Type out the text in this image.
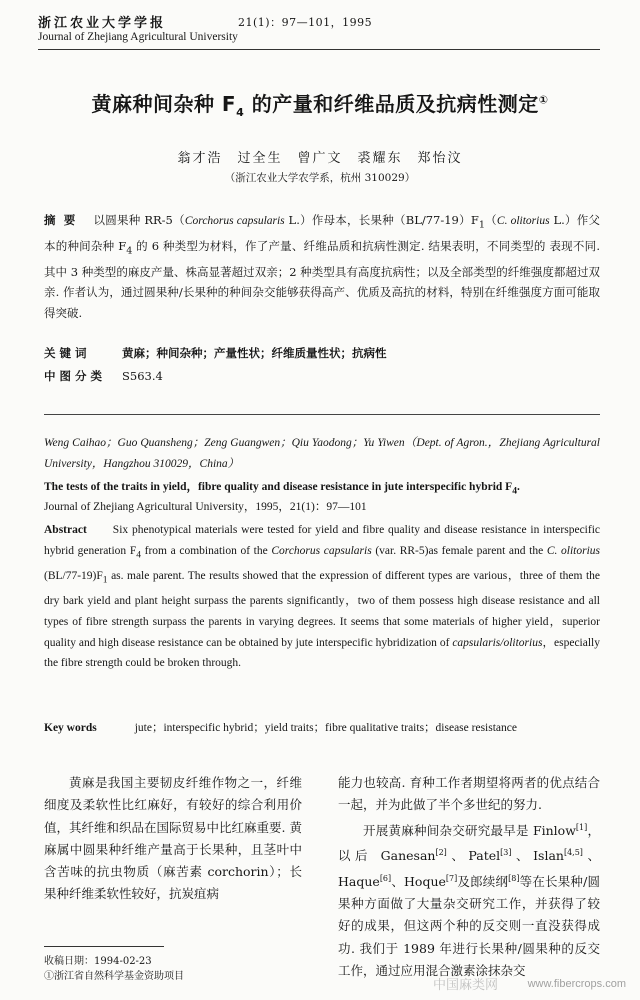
浙江农业大学学报	21(1)：97—101，1995
Journal of Zhejiang Agricultural University
黄麻种间杂种 $F_4$ 的产量和纤维品质及抗病性测定①
翁才浩　过全生　曾广文　裘耀东　郑怡汶
（浙江农业大学农学系，杭州 310029）
摘要 以圆果种 RR-5（Corchorus capsularis L.）作母本，长果种$(BL/77-19)F_1(C$. olitorius L.）作父本的种间杂种 $F_4$ 的 6 种类型为材料，作了产量、纤维品质和抗病性测定. 结果表明，不同类型的 表现不同. 其中 3 种类型的麻皮产量、株高显著超过双亲；2 种类型具有高度抗病性；以及全部类型的纤维强度都超过双亲. 作者认为，通过圆果种/长果种的种间杂交能够获得高产、优质及高抗的材料，特别在纤维强度方面可能取得突破.
关键词	黄麻；种间杂种；产量性状；纤维质量性状；抗病性
中图分类 S563.4
Weng Caihao；Guo Quansheng；Zeng Guangwen；Qiu Yaodong；Yu Yiwen（Dept. of Agron.，Zhejiang Agricultural University，Hangzhou 310029，China）
The tests of the traits in yield，fibre quality and disease resistance in jute interspecific hybrid $F_4$.
Journal of Zhejiang Agricultural University，1995，21(1)：97—101
Abstract Six phenotypical materials were tested for yield and fibre quality and disease resistance in interspecific hybrid generation $F_4$ from a combination of the Corchorus capsularis (var. RR-5)as female parent and the C. olitorius $(BL/77-19)F_1$ as. male parent. The results showed that the expression of different types are various，three of them the dry bark yield and plant height surpass the parents significantly，two of them possess high disease resistance and all types of fibre strength surpass the parents in varying degrees. It seems that some materials of higher yield，superior quality and high disease resistance can be obtained by jute interspecific hybridization of capsularis/olitorius，especially the fibre strength could be broken through.
Key words	jute；interspecific hybrid；yield traits；fibre qualitative traits；disease resistance

黄麻是我国主要韧皮纤维作物之一，纤维细度及柔软性比红麻好，有较好的综合利用价值，其纤维和织品在国际贸易中比红麻重要. 黄麻属中圆果种纤维产量高于长果种，且茎叶中含苦味的抗虫物质（麻苦素 corchorin）；长果种纤维柔软性较好，抗炭疽病

能力也较高. 育种工作者期望将两者的优点结合一起，并为此做了半个多世纪的努力.

开展黄麻种间杂交研究最早是 Finlow[1]，以后 Ganesan[2]、Patel[3]、Islan[4,5]、Haque[6]、Hoque[7]及郎续纲[8]等在长果种/圆果种方面做了大量杂交研究工作，并获得了较好的成果，但这两个种的反交则一直没获得成功. 我们于 1989 年进行长果种/圆果种的反交工作，通过应用混合激素涂抹杂交

收稿日期：1994-02-23
①浙江省自然科学基金资助项目
中国麻类网	www.fibercrops.com
